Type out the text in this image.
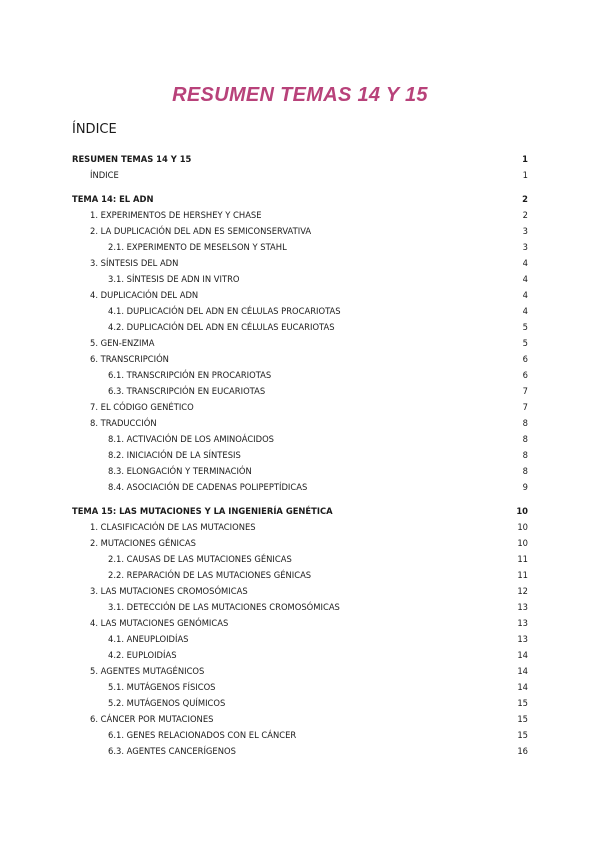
RESUMEN TEMAS 14 Y 15
ÍNDICE
RESUMEN TEMAS 14 Y 15	1
ÍNDICE	1
TEMA 14: EL ADN	2
1. EXPERIMENTOS DE HERSHEY Y CHASE	2
2. LA DUPLICACIÓN DEL ADN ES SEMICONSERVATIVA	3
2.1. EXPERIMENTO DE MESELSON Y STAHL	3
3. SÍNTESIS DEL ADN	4
3.1. SÍNTESIS DE ADN IN VITRO	4
4. DUPLICACIÓN DEL ADN	4
4.1. DUPLICACIÓN DEL ADN EN CÉLULAS PROCARIOTAS	4
4.2. DUPLICACIÓN DEL ADN EN CÉLULAS EUCARIOTAS	5
5. GEN-ENZIMA	5
6. TRANSCRIPCIÓN	6
6.1. TRANSCRIPCIÓN EN PROCARIOTAS	6
6.3. TRANSCRIPCIÓN EN EUCARIOTAS	7
7. EL CÓDIGO GENÉTICO	7
8. TRADUCCIÓN	8
8.1. ACTIVACIÓN DE LOS AMINOÁCIDOS	8
8.2. INICIACIÓN DE LA SÍNTESIS	8
8.3. ELONGACIÓN Y TERMINACIÓN	8
8.4. ASOCIACIÓN DE CADENAS POLIPEPTÍDICAS	9
TEMA 15: LAS MUTACIONES Y LA INGENIERÍA GENÉTICA	10
1. CLASIFICACIÓN DE LAS MUTACIONES	10
2. MUTACIONES GÉNICAS	10
2.1. CAUSAS DE LAS MUTACIONES GÉNICAS	11
2.2. REPARACIÓN DE LAS MUTACIONES GÉNICAS	11
3. LAS MUTACIONES CROMOSÓMICAS	12
3.1. DETECCIÓN DE LAS MUTACIONES CROMOSÓMICAS	13
4. LAS MUTACIONES GENÓMICAS	13
4.1. ANEUPLOIDÍAS	13
4.2. EUPLOIDÍAS	14
5. AGENTES MUTAGÉNICOS	14
5.1. MUTÁGENOS FÍSICOS	14
5.2. MUTÁGENOS QUÍMICOS	15
6. CÁNCER POR MUTACIONES	15
6.1. GENES RELACIONADOS CON EL CÁNCER	15
6.3. AGENTES CANCERÍGENOS	16
